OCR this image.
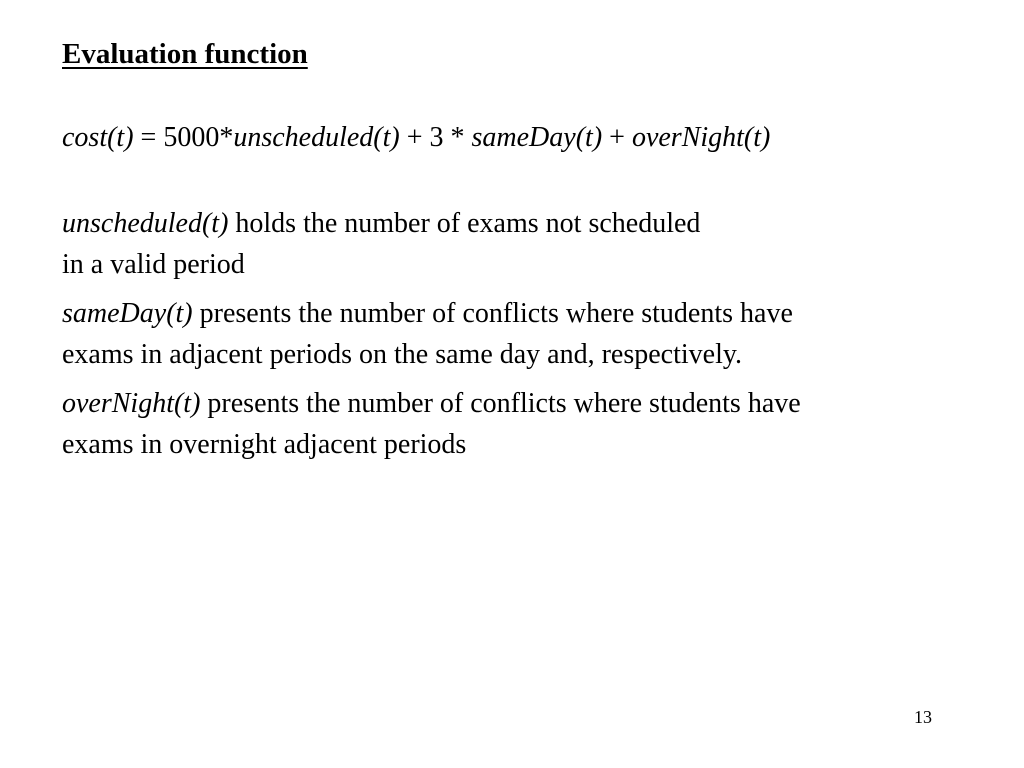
Evaluation function

cost(t) = 5000*unscheduled(t) + 3 * sameDay(t) + overNight(t)

unscheduled(t) holds the number of exams not scheduled
in a valid period

sameDay(t) presents the number of conflicts where students have
exams in adjacent periods on the same day and, respectively.

overNight(t) presents the number of conflicts where students have
exams in overnight adjacent periods

13
